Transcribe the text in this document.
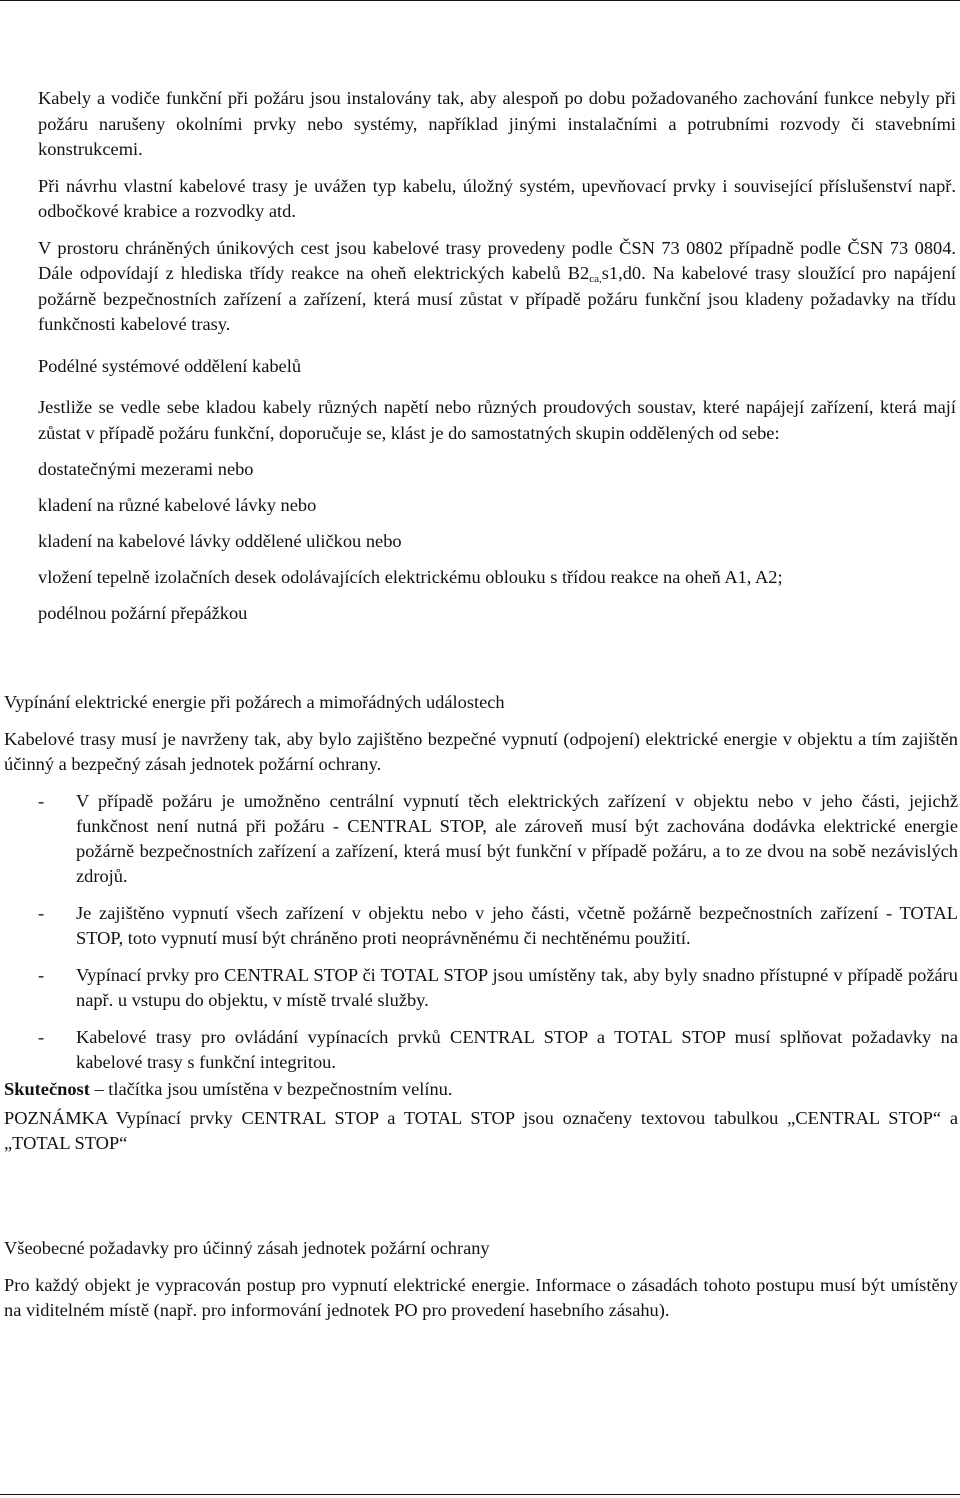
Kabely a vodiče funkční při požáru jsou instalovány tak, aby alespoň po dobu požadovaného zachování funkce nebyly při požáru narušeny okolními prvky nebo systémy, například jinými instalačními a potrubními rozvody či stavebními konstrukcemi.

Při návrhu vlastní kabelové trasy je uvážen typ kabelu, úložný systém, upevňovací prvky i související příslušenství např. odbočkové krabice a rozvodky atd.

V prostoru chráněných únikových cest jsou kabelové trasy provedeny podle ČSN 73 0802 případně podle ČSN 73 0804. Dále odpovídají z hlediska třídy reakce na oheň elektrických kabelů $B2_{ca,}s1,d0$. Na kabelové trasy sloužící pro napájení požárně bezpečnostních zařízení a zařízení, která musí zůstat v případě požáru funkční jsou kladeny požadavky na třídu funkčnosti kabelové trasy.

Podélné systémové oddělení kabelů

Jestliže se vedle sebe kladou kabely různých napětí nebo různých proudových soustav, které napájejí zařízení, která mají zůstat v případě požáru funkční, doporučuje se, klást je do samostatných skupin oddělených od sebe:

dostatečnými mezerami nebo

kladení na různé kabelové lávky nebo

kladení na kabelové lávky oddělené uličkou nebo

vložení tepelně izolačních desek odolávajících elektrickému oblouku s třídou reakce na oheň A1, A2;

podélnou požární přepážkou

Vypínání elektrické energie při požárech a mimořádných událostech

Kabelové trasy musí je navrženy tak, aby bylo zajištěno bezpečné vypnutí (odpojení) elektrické energie v objektu a tím zajištěn účinný a bezpečný zásah jednotek požární ochrany.

-	V případě požáru je umožněno centrální vypnutí těch elektrických zařízení v objektu nebo v jeho části, jejichž funkčnost není nutná při požáru - CENTRAL STOP, ale zároveň musí být zachována dodávka elektrické energie požárně bezpečnostních zařízení a zařízení, která musí být funkční v případě požáru, a to ze dvou na sobě nezávislých zdrojů.
-	Je zajištěno vypnutí všech zařízení v objektu nebo v jeho části, včetně požárně bezpečnostních zařízení - TOTAL STOP, toto vypnutí musí být chráněno proti neoprávněnému či nechtěnému použití.
-	Vypínací prvky pro CENTRAL STOP či TOTAL STOP jsou umístěny tak, aby byly snadno přístupné v případě požáru např. u vstupu do objektu, v místě trvalé služby.
-	Kabelové trasy pro ovládání vypínacích prvků CENTRAL STOP a TOTAL STOP musí splňovat požadavky na kabelové trasy s funkční integritou.

Skutečnost – tlačítka jsou umístěna v bezpečnostním velínu.

POZNÁMKA Vypínací prvky CENTRAL STOP a TOTAL STOP jsou označeny textovou tabulkou „CENTRAL STOP“ a „TOTAL STOP“

Všeobecné požadavky pro účinný zásah jednotek požární ochrany

Pro každý objekt je vypracován postup pro vypnutí elektrické energie. Informace o zásadách tohoto postupu musí být umístěny na viditelném místě (např. pro informování jednotek PO pro provedení hasebního zásahu).
